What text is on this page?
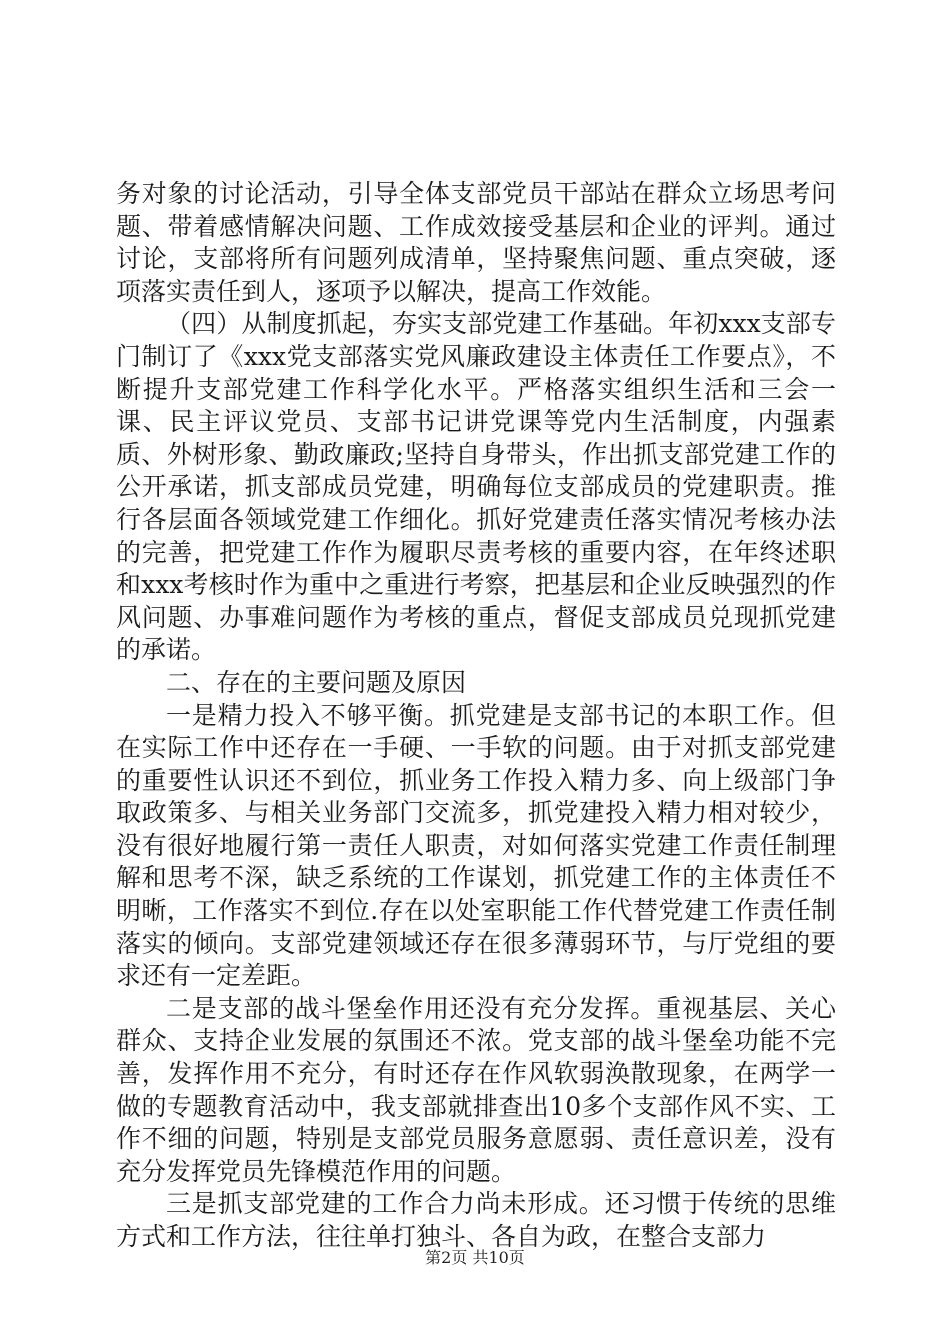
务对象的讨论活动，引导全体支部党员干部站在群众立场思考问题、带着感情解决问题、工作成效接受基层和企业的评判。通过讨论，支部将所有问题列成清单，坚持聚焦问题、重点突破，逐项落实责任到人，逐项予以解决，提高工作效能。

（四）从制度抓起，夯实支部党建工作基础。年初xxx支部专门制订了《xxx党支部落实党风廉政建设主体责任工作要点》，不断提升支部党建工作科学化水平。严格落实组织生活和三会一课、民主评议党员、支部书记讲党课等党内生活制度，内强素质、外树形象、勤政廉政;坚持自身带头，作出抓支部党建工作的公开承诺，抓支部成员党建，明确每位支部成员的党建职责。推行各层面各领域党建工作细化。抓好党建责任落实情况考核办法的完善，把党建工作作为履职尽责考核的重要内容，在年终述职和xxx考核时作为重中之重进行考察，把基层和企业反映强烈的作风问题、办事难问题作为考核的重点，督促支部成员兑现抓党建的承诺。

二、存在的主要问题及原因

一是精力投入不够平衡。抓党建是支部书记的本职工作。但在实际工作中还存在一手硬、一手软的问题。由于对抓支部党建的重要性认识还不到位，抓业务工作投入精力多、向上级部门争取政策多、与相关业务部门交流多，抓党建投入精力相对较少，没有很好地履行第一责任人职责，对如何落实党建工作责任制理解和思考不深，缺乏系统的工作谋划，抓党建工作的主体责任不明晰，工作落实不到位.存在以处室职能工作代替党建工作责任制落实的倾向。支部党建领域还存在很多薄弱环节，与厅党组的要求还有一定差距。

二是支部的战斗堡垒作用还没有充分发挥。重视基层、关心群众、支持企业发展的氛围还不浓。党支部的战斗堡垒功能不完善，发挥作用不充分，有时还存在作风软弱涣散现象，在两学一做的专题教育活动中，我支部就排查出10多个支部作风不实、工作不细的问题，特别是支部党员服务意愿弱、责任意识差，没有充分发挥党员先锋模范作用的问题。

三是抓支部党建的工作合力尚未形成。还习惯于传统的思维方式和工作方法，往往单打独斗、各自为政，在整合支部力

第2页 共10页
